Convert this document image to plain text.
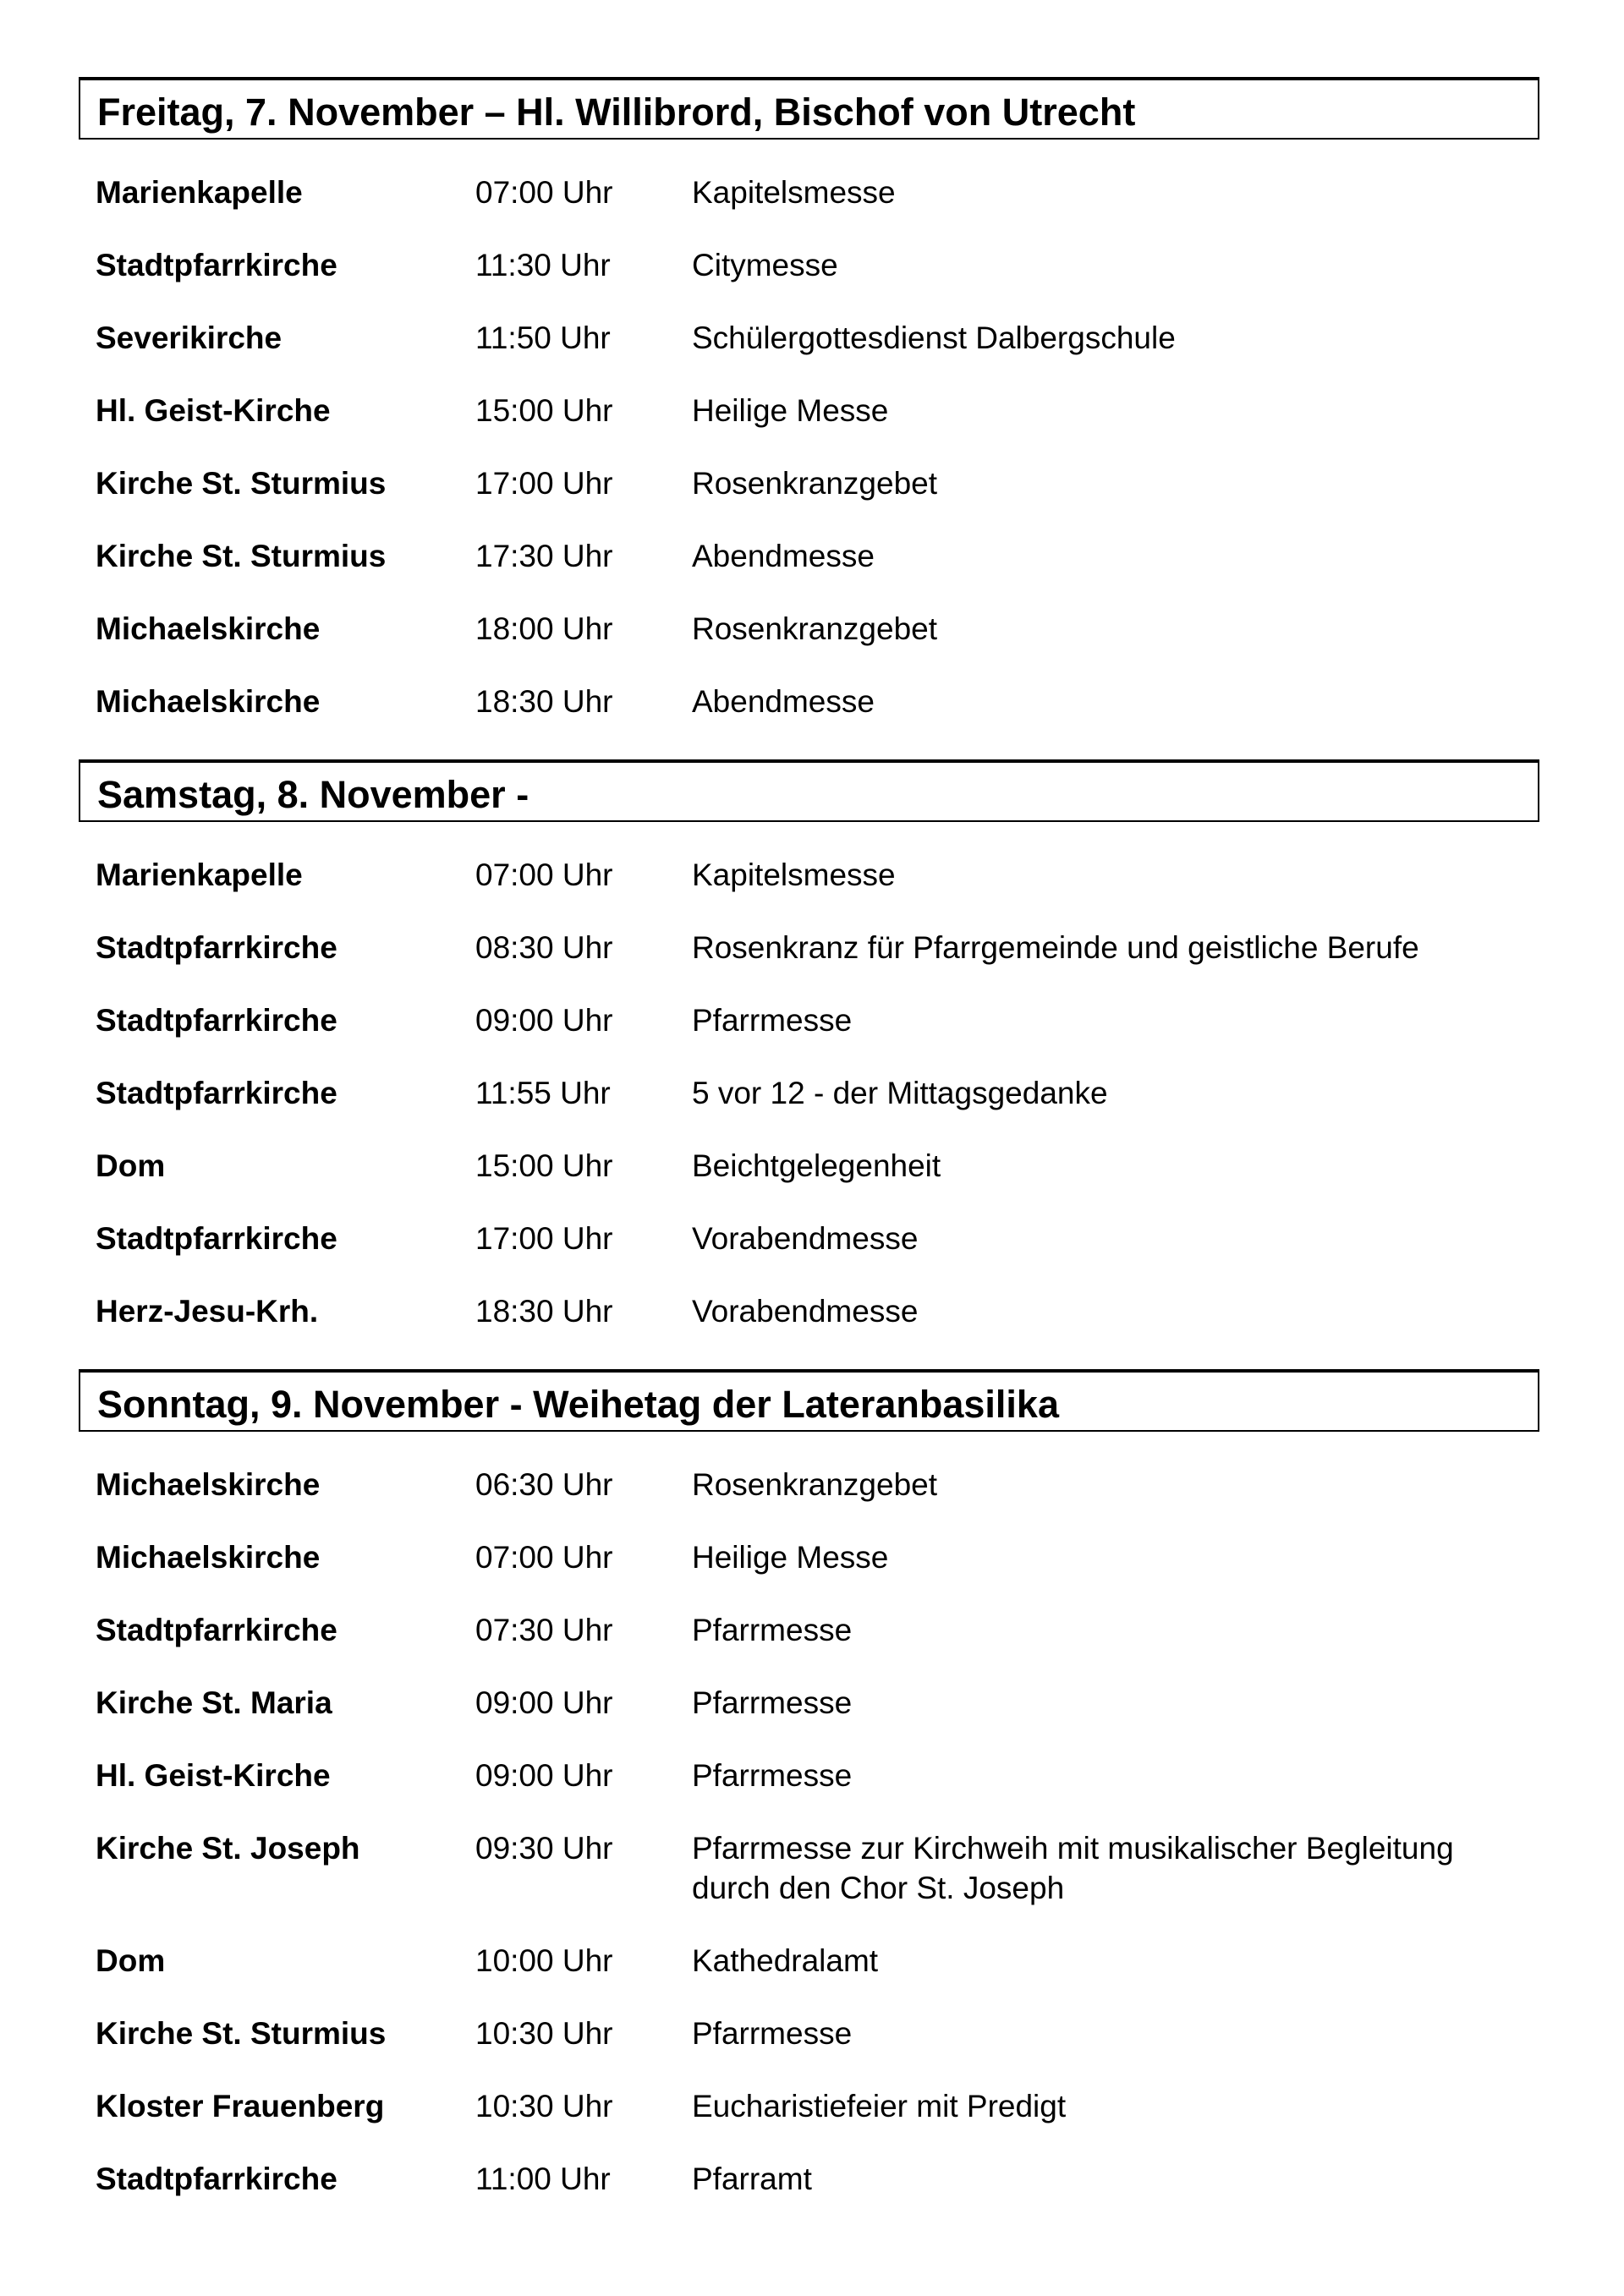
Freitag, 7. November – Hl. Willibrord, Bischof von Utrecht
Marienkapelle	07:00 Uhr	Kapitelsmesse
Stadtpfarrkirche	11:30 Uhr	Citymesse
Severikirche	11:50 Uhr	Schülergottesdienst Dalbergschule
Hl. Geist-Kirche	15:00 Uhr	Heilige Messe
Kirche St. Sturmius	17:00 Uhr	Rosenkranzgebet
Kirche St. Sturmius	17:30 Uhr	Abendmesse
Michaelskirche	18:00 Uhr	Rosenkranzgebet
Michaelskirche	18:30 Uhr	Abendmesse
Samstag, 8. November -
Marienkapelle	07:00 Uhr	Kapitelsmesse
Stadtpfarrkirche	08:30 Uhr	Rosenkranz für Pfarrgemeinde und geistliche Berufe
Stadtpfarrkirche	09:00 Uhr	Pfarrmesse
Stadtpfarrkirche	11:55 Uhr	5 vor 12 - der Mittagsgedanke
Dom	15:00 Uhr	Beichtgelegenheit
Stadtpfarrkirche	17:00 Uhr	Vorabendmesse
Herz-Jesu-Krh.	18:30 Uhr	Vorabendmesse
Sonntag, 9. November - Weihetag der Lateranbasilika
Michaelskirche	06:30 Uhr	Rosenkranzgebet
Michaelskirche	07:00 Uhr	Heilige Messe
Stadtpfarrkirche	07:30 Uhr	Pfarrmesse
Kirche St. Maria	09:00 Uhr	Pfarrmesse
Hl. Geist-Kirche	09:00 Uhr	Pfarrmesse
Kirche St. Joseph	09:30 Uhr	Pfarrmesse zur Kirchweih mit musikalischer Begleitung durch den Chor St. Joseph
Dom	10:00 Uhr	Kathedralamt
Kirche St. Sturmius	10:30 Uhr	Pfarrmesse
Kloster Frauenberg	10:30 Uhr	Eucharistiefeier mit Predigt
Stadtpfarrkirche	11:00 Uhr	Pfarramt
